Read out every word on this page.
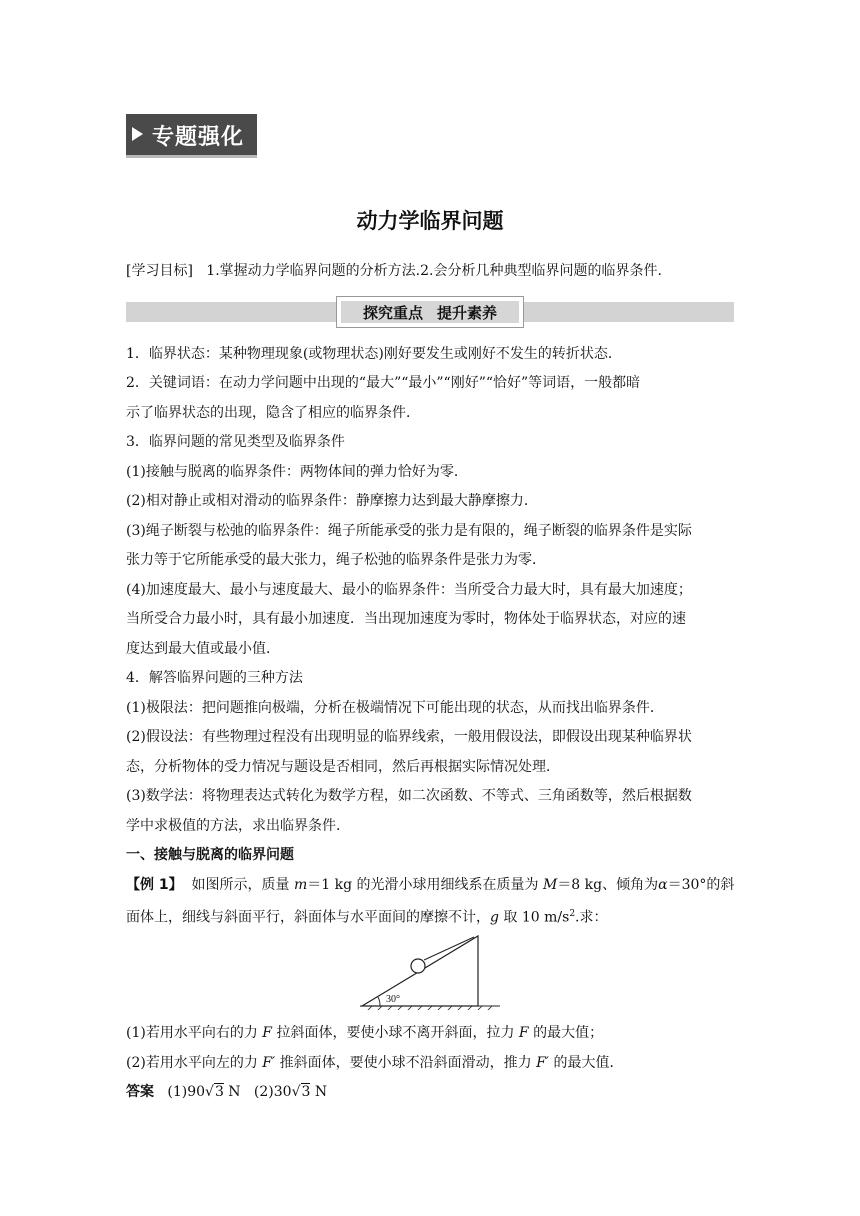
专题强化
动力学临界问题
[学习目标] 1.掌握动力学临界问题的分析方法.2.会分析几种典型临界问题的临界条件.
探究重点 提升素养
1．临界状态：某种物理现象(或物理状态)刚好要发生或刚好不发生的转折状态．
2．关键词语：在动力学问题中出现的“最大”“最小”“刚好”“恰好”等词语，一般都暗
示了临界状态的出现，隐含了相应的临界条件．
3．临界问题的常见类型及临界条件
(1)接触与脱离的临界条件：两物体间的弹力恰好为零．
(2)相对静止或相对滑动的临界条件：静摩擦力达到最大静摩擦力．
(3)绳子断裂与松弛的临界条件：绳子所能承受的张力是有限的，绳子断裂的临界条件是实际
张力等于它所能承受的最大张力，绳子松弛的临界条件是张力为零．
(4)加速度最大、最小与速度最大、最小的临界条件：当所受合力最大时，具有最大加速度；
当所受合力最小时，具有最小加速度．当出现加速度为零时，物体处于临界状态，对应的速
度达到最大值或最小值．
4．解答临界问题的三种方法
(1)极限法：把问题推向极端，分析在极端情况下可能出现的状态，从而找出临界条件．
(2)假设法：有些物理过程没有出现明显的临界线索，一般用假设法，即假设出现某种临界状
态，分析物体的受力情况与题设是否相同，然后再根据实际情况处理．
(3)数学法：将物理表达式转化为数学方程，如二次函数、不等式、三角函数等，然后根据数
学中求极值的方法，求出临界条件．
一、接触与脱离的临界问题
【例 1】 如图所示，质量 m＝1 kg 的光滑小球用细线系在质量为 M＝8 kg、倾角为α＝30°的斜
面体上，细线与斜面平行，斜面体与水平面间的摩擦不计，g 取 10 $m/s^2$.求：
30°
(1)若用水平向右的力 F 拉斜面体，要使小球不离开斜面，拉力 F 的最大值；
(2)若用水平向左的力 F′ 推斜面体，要使小球不沿斜面滑动，推力 F′ 的最大值．
答案 (1)90√3 N (2)30√3 N
